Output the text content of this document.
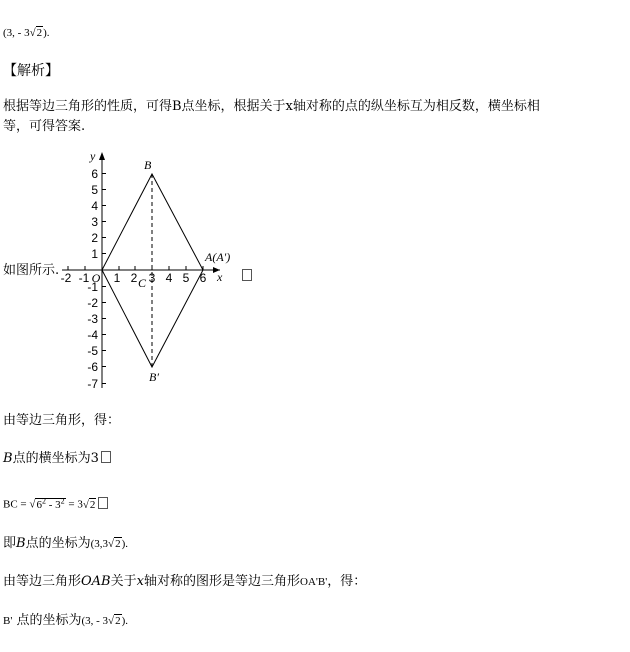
(3, - 3√2).
【解析】
根据等边三角形的性质，可得B点坐标，根据关于x轴对称的点的纵坐标互为相反数，横坐标相
等，可得答案.
如图所示.	x
y
6
5
4
3
2
1
-1
-2
-3
-4
-5
-6
-7
-2 -1 O 1 2 3 4 5 6
B
A(A')
C
B′
由等边三角形，得：
B点的横坐标为3
BC = $√6^2 - 3^2 = 3√2$
即B点的坐标为(3,3√2).
由等边三角形OAB关于x轴对称的图形是等边三角形OA'B'，得：
B' 点的坐标为(3, - 3√2).
